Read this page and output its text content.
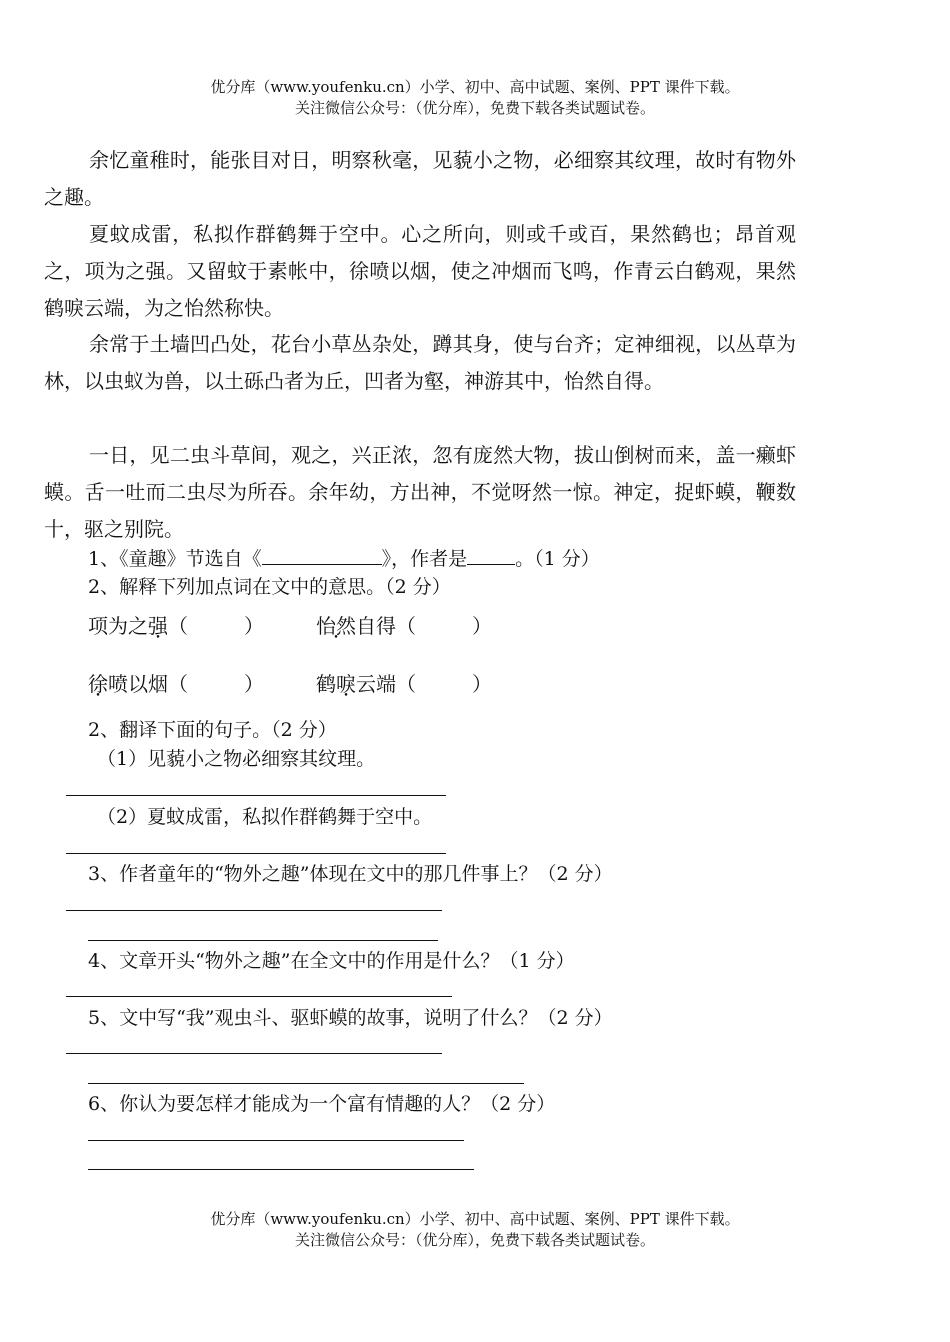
优分库（www.youfenku.cn）小学、初中、高中试题、案例、PPT 课件下载。
关注微信公众号：（优分库），免费下载各类试题试卷。

余忆童稚时，能张目对日，明察秋毫，见藐小之物，必细察其纹理，故时有物外之趣。

夏蚊成雷，私拟作群鹤舞于空中。心之所向，则或千或百，果然鹤也；昂首观之，项为之强。又留蚊于素帐中，徐喷以烟，使之冲烟而飞鸣，作青云白鹤观，果然鹤唳云端，为之怡然称快。

余常于土墙凹凸处，花台小草丛杂处，蹲其身，使与台齐；定神细视，以丛草为林，以虫蚁为兽，以土砾凸者为丘，凹者为壑，神游其中，怡然自得。

一日，见二虫斗草间，观之，兴正浓，忽有庞然大物，拔山倒树而来，盖一癞虾蟆。舌一吐而二虫尽为所吞。余年幼，方出神，不觉呀然一惊。神定，捉虾蟆，鞭数十，驱之别院。

1、《童趣》节选自《	》，作者是	。（1 分）
2、解释下列加点词在文中的意思。（2 分）
项为之强（	）	怡然自得（	）
徐喷以烟（	）	鹤唳云端（	）
2、翻译下面的句子。（2 分）
（1）见藐小之物必细察其纹理。
（2）夏蚊成雷，私拟作群鹤舞于空中。
3、作者童年的“物外之趣”体现在文中的那几件事上？（2 分）
4、文章开头“物外之趣”在全文中的作用是什么？（1 分）
5、文中写“我”观虫斗、驱虾蟆的故事，说明了什么？（2 分）
6、你认为要怎样才能成为一个富有情趣的人？（2 分）
优分库（www.youfenku.cn）小学、初中、高中试题、案例、PPT 课件下载。
关注微信公众号：（优分库），免费下载各类试题试卷。
